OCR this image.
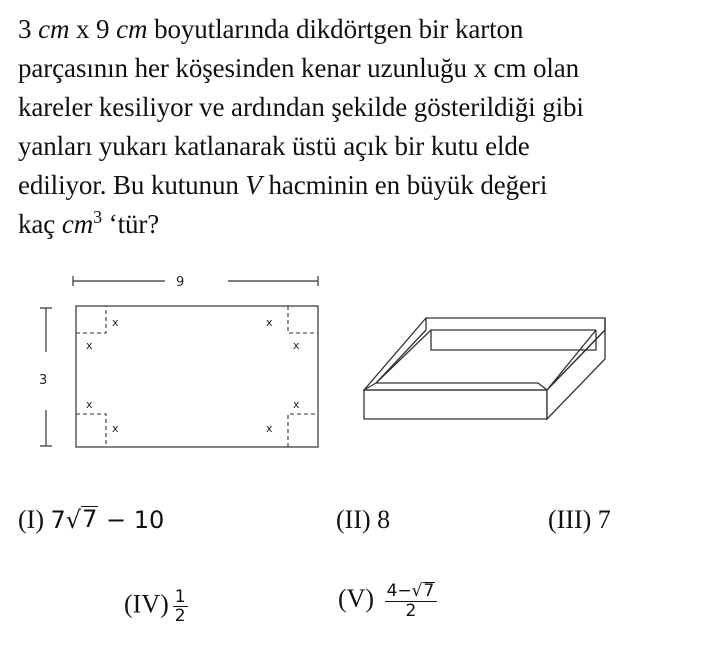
3 cm x 9 cm boyutlarında dikdörtgen bir karton
parçasının her köşesinden kenar uzunluğu x cm olan
kareler kesiliyor ve ardından şekilde gösterildiği gibi
yanları yukarı katlanarak üstü açık bir kutu elde
ediliyor. Bu kutunun V hacminin en büyük değeri
kaç $cm^3$ ‘tür?
9
3
x
x
x
x
x
x
x
x
(I) 7 √ 7 − 10	(II) 8	(III) 7
$(IV) \frac{1}{2}$	$(V) \frac{4- √ 7}{2}$
